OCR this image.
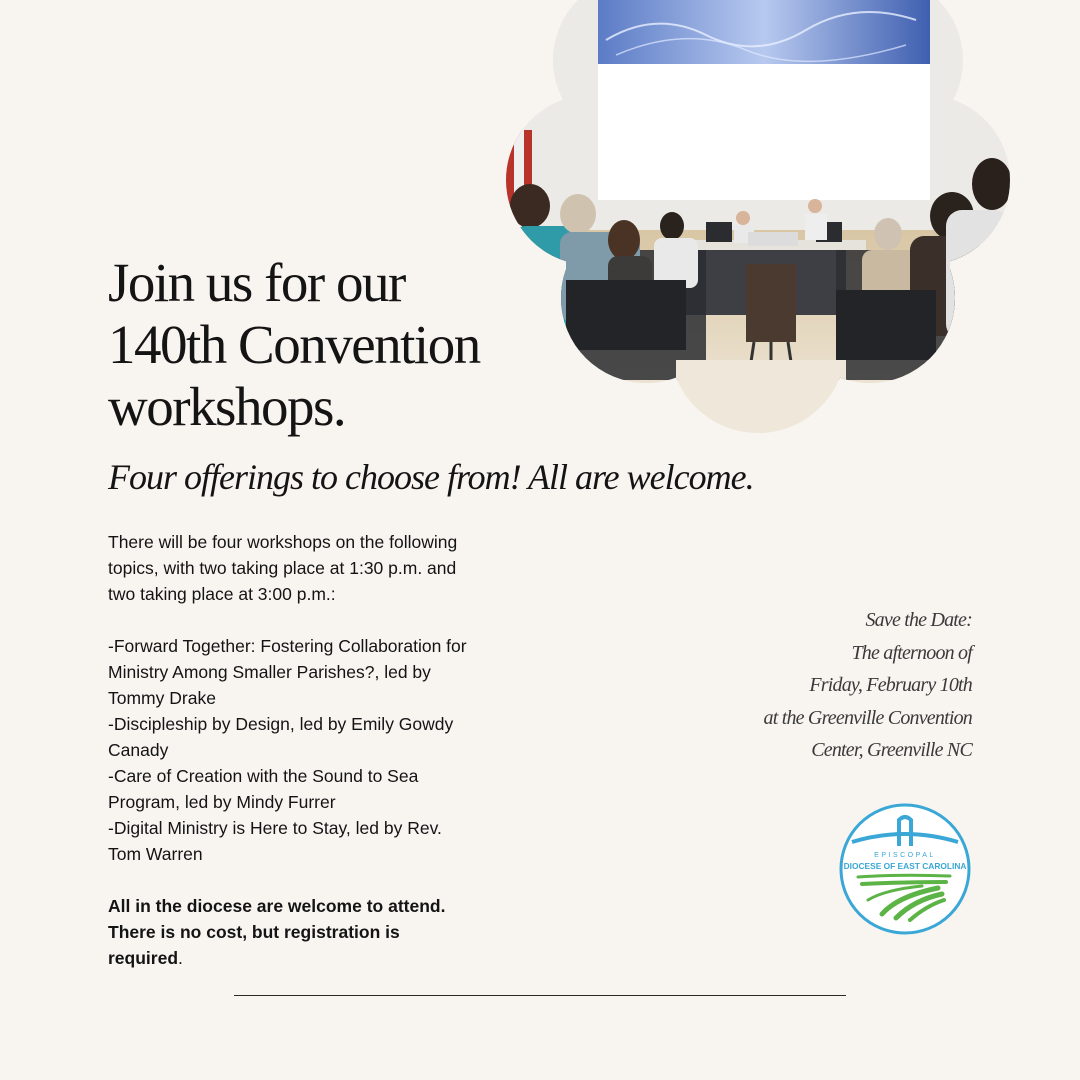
Join us for our
140th Convention
workshops.
Four offerings to choose from! All are welcome.

There will be four workshops on the following
topics, with two taking place at 1:30 p.m. and
two taking place at 3:00 p.m.:

-Forward Together: Fostering Collaboration for
Ministry Among Smaller Parishes?, led by
Tommy Drake

-Discipleship by Design, led by Emily Gowdy
Canady

-Care of Creation with the Sound to Sea
Program, led by Mindy Furrer

-Digital Ministry is Here to Stay, led by Rev.
Tom Warren

All in the diocese are welcome to attend.
There is no cost, but registration is
required.

Save the Date:
The afternoon of
Friday, February 10th
at the Greenville Convention
Center, Greenville NC
EPISCOPAL
DIOCESE OF EAST CAROLINA
